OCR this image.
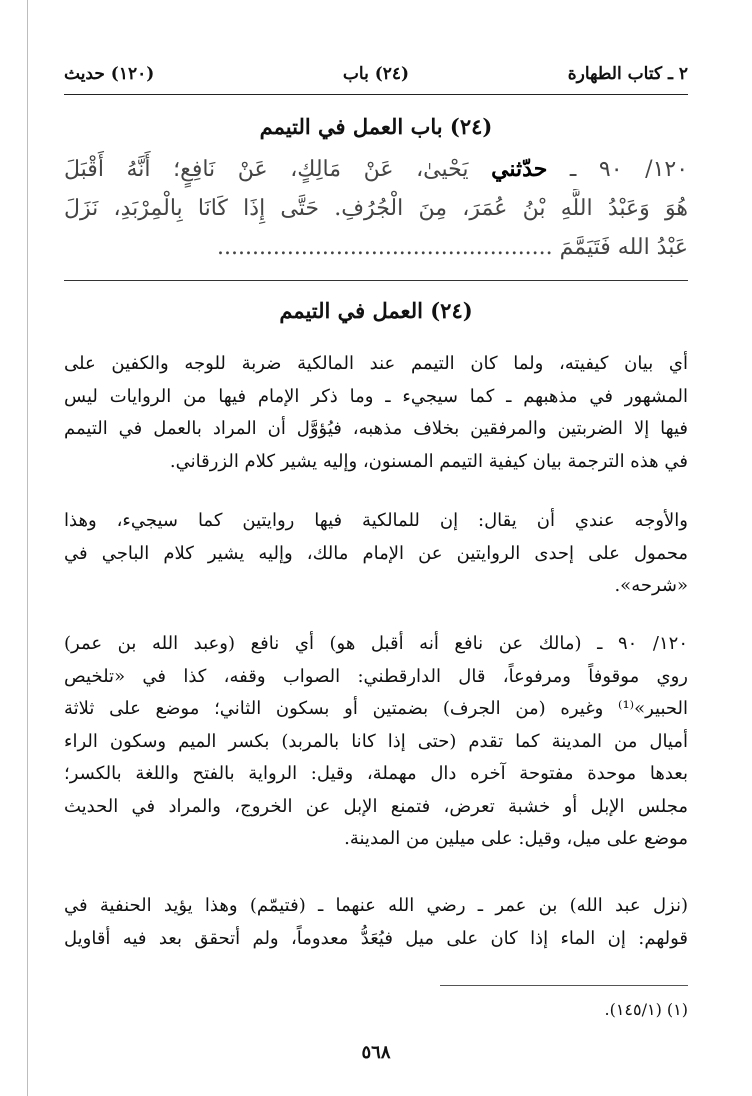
٢ ـ كتاب الطهارة
(٢٤) باب
(١٢٠) حديث
(٢٤) باب العمل في التيمم
١٢٠/ ٩٠ ـ حدّثني يَحْيىٰ، عَنْ مَالِكٍ، عَنْ نَافِعٍ؛ أَنَّهُ أَقْبَلَ
هُوَ وَعَبْدُ اللَّهِ بْنُ عُمَرَ، مِنَ الْجُرُفِ. حَتَّى إِذَا كَانَا بِالْمِرْبَدِ، نَزَلَ
عَبْدُ الله فَتَيَمَّمَ ................................................
(٢٤) العمل في التيمم
أي بيان كيفيته، ولما كان التيمم عند المالكية ضربة للوجه والكفين على
المشهور في مذهبهم ـ كما سيجيء ـ وما ذكر الإمام فيها من الروايات ليس
فيها إلا الضربتين والمرفقين بخلاف مذهبه، فيُؤوَّل أن المراد بالعمل في التيمم
في هذه الترجمة بيان كيفية التيمم المسنون، وإليه يشير كلام الزرقاني.
والأوجه عندي أن يقال: إن للمالكية فيها روايتين كما سيجيء، وهذا
محمول على إحدى الروايتين عن الإمام مالك، وإليه يشير كلام الباجي في
«شرحه».
١٢٠/ ٩٠ ـ (مالك عن نافع أنه أقبل هو) أي نافع (وعبد الله بن عمر)
روي موقوفاً ومرفوعاً، قال الدارقطني: الصواب وقفه، كذا في «تلخيص
الحبير»⁽¹⁾ وغيره (من الجرف) بضمتين أو بسكون الثاني؛ موضع على ثلاثة
أميال من المدينة كما تقدم (حتى إذا كانا بالمربد) بكسر الميم وسكون الراء
بعدها موحدة مفتوحة آخره دال مهملة، وقيل: الرواية بالفتح واللغة بالكسر؛
مجلس الإبل أو خشبة تعرض، فتمنع الإبل عن الخروج، والمراد في الحديث
موضع على ميل، وقيل: على ميلين من المدينة.
(نزل عبد الله) بن عمر ـ رضي الله عنهما ـ (فتيمّم) وهذا يؤيد الحنفية في
قولهم: إن الماء إذا كان على ميل فيُعَدُّ معدوماً، ولم أتحقق بعد فيه أقاويل
(١) (١٤٥/١).
٥٦٨
